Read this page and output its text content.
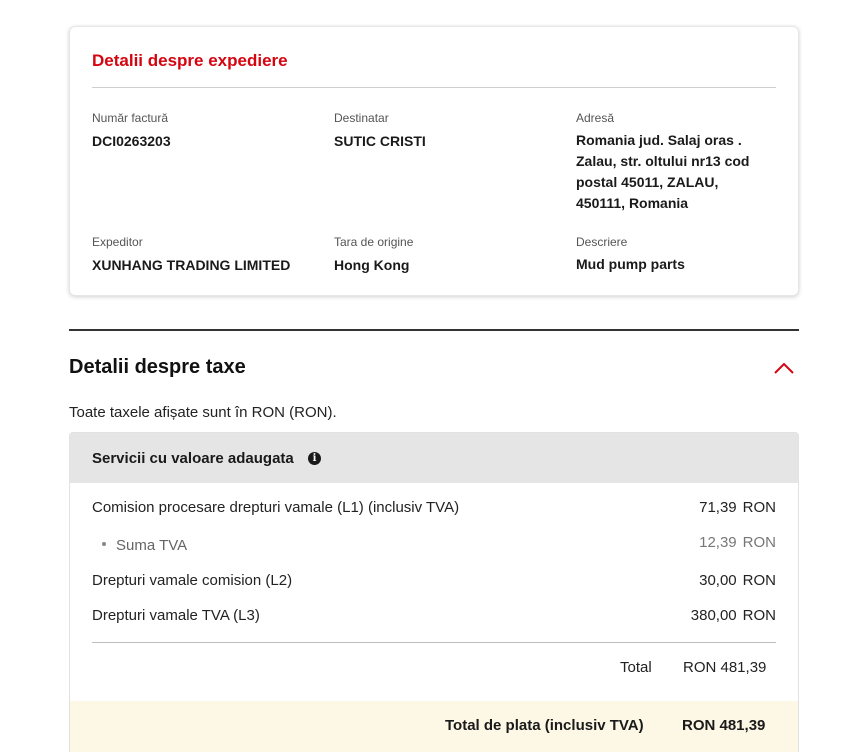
Detalii despre expediere
Număr factură
DCI0263203
Destinatar
SUTIC CRISTI
Adresă
Romania jud. Salaj oras . Zalau, str. oltului nr13 cod postal 45011, ZALAU, 450111, Romania
Expeditor
XUNHANG TRADING LIMITED
Tara de origine
Hong Kong
Descriere
Mud pump parts
Detalii despre taxe
Toate taxele afișate sunt în RON (RON).
Servicii cu valoare adaugata	i
Comision procesare drepturi vamale (L1) (inclusiv TVA)	71,39 RON
Suma TVA	12,39 RON
Drepturi vamale comision (L2)	30,00 RON
Drepturi vamale TVA (L3)	380,00 RON
Total RON 481,39
Total de plata (inclusiv TVA)	RON 481,39
